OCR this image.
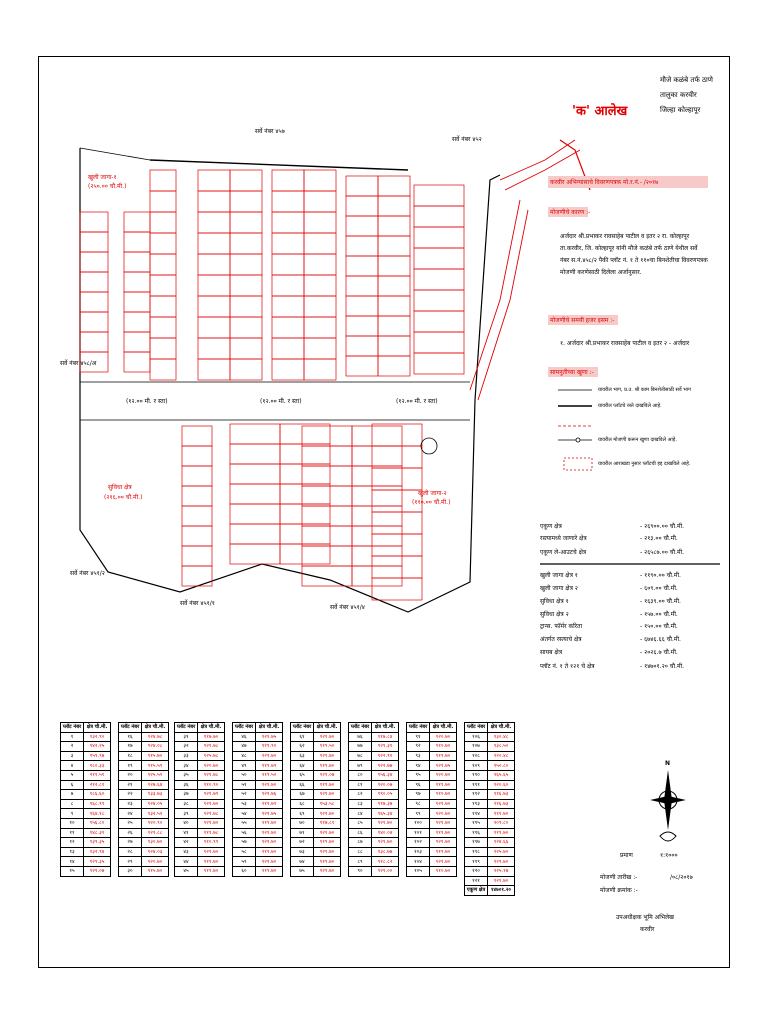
'क' आलेख
मौजे कळंबे तर्फ ठाणे
तालुका करवीर
जिल्हा कोल्हापूर
करवीर अभिन्यासाचे विवरणपत्रक मो.र.नं.- /२०१७
मोजणीचे कारण :-
अर्जदार श्री.प्रभाकर रावसाहेब पाटील व इतर २ रा. कोल्हापूर
ता.करवीर, जि. कोल्हापूर यांनी मौजे कळंबे तर्फ ठाणे येथील सर्वे
नंबर स.नं.४५८/२ पैकी प्लॉट नं. १ ते ११०चा बिनशेतीचा विवरणपत्रक
मोजणी करणेसाठी दिलेला अर्जानुसार.
मोजणीचे समयी हजर इसम :-
१. अर्जदार श्री.प्रभाकर रावसाहेब पाटील व इतर २ - अर्जदार
सामनुतीच्या खुणा :-
यावरील भाग, प्र.उ. श्री काम बिनशेतीसाठी सर्वे भाग
यावरील प्लॉटचे रस्ते दाखविले आहे.
यावरील मोजणी करून खुणा दाखविले आहे.
यावरील आराखडा नुसार प्लॉटची हद्द दाखविले आहे.
सर्वे नंबर ४५७
सर्वे नंबर ४५२
सर्वे नंबर ४५८/अ
सर्वे नंबर ४५१/२
सर्वे नंबर ४५१/१
सर्वे नंबर ४५१/४
(१२.०० मी. र स्ता)	(१२.०० मी. र स्ता)	(१२.०० मी. र स्ता)
खुली जागा-१
(२५०.०० चौ.मी.)
खुली जागा-२
(११०.०० चौ.मी.)
सुविधा क्षेत्र
(२१६.०० चौ.मी.)
एकूण क्षेत्र	- २६९००.०० चौ.मी.
रस्त्यामध्ये जाणारे क्षेत्र	- २१३.०० चौ.मी.
एकूण ले-आउटचे क्षेत्र	- २६५८७.०० चौ.मी.
खुली जागा क्षेत्र १	- ११९०.०० चौ.मी.
खुली जागा क्षेत्र २	- ६०९.०० चौ.मी.
सुविधा क्षेत्र १	- १६३९.०० चौ.मी.
सुविधा क्षेत्र २	- १५७.०० चौ.मी.
ट्रान्स. फॉर्मर करिता	- १५०.०० चौ.मी.
अंतर्गत रस्त्याचे क्षेत्र	- ६७४६.६६ चौ.मी.
सायब क्षेत्र	- २०२६.७ चौ.मी.
प्लॉट नं. १ ते १२१ चे क्षेत्र	- १४७०१.२० चौ.मी.
प्लॉट नंबर	क्षेत्र चौ.मी.
१	१३२.९०
२	१४२.२५
३	१५९.९७
४	१८०.३३
५	२११.५१
६	२१२.८१
७	१८६.६०
८	१६८.९९
९	१६४.१८
१०	१५६.८०
११	१४८.३१
१२	१३९.३५
१३	१३२.९४
१४	१२९.३५
१५	१२१.०७
प्लॉट नंबर	क्षेत्र चौ.मी.
१६	१२४.७८
१७	१२४.०८
१८	११५.७०
१९	११५.५९
२०	१२५.५१
२१	१२७.६४
२२	१३३.७३
२३	१२४.०५
२४	१३२.५२
२५	१२०.९०
२६	१२१.८८
२७	१३०.७०
२८	१२४.०३
२९	१२०.७०
३०	११५.७०
प्लॉट नंबर	क्षेत्र चौ.मी.
३१	११७.७०
३२	१२१.७८
३३	१२५.७८
३४	१२०.७०
३५	१२१.७८
३६	११०.९०
३७	१२१.७१
३८	१२१.७०
३९	१२१.७८
४०	१२१.७०
४१	११९.७८
४२	११०.९१
४३	१२१.७०
४४	१११.७०
४५	११९.७०
प्लॉट नंबर	क्षेत्र चौ.मी.
४६	१२१.७५
४७	११९.९०
४८	१२१.७०
४९	११९.७९
५०	११९.५०
५१	१२१.७०
५२	१२१.७६
५३	११९.७९
५४	१२१.७५
५५	११९.७०
५६	१२१.७०
५७	१२१.७०
५८	११९.७०
५९	१२१.७०
६०	११९.७०
प्लॉट नंबर	क्षेत्र चौ.मी.
६१	१२१.७०
६२	११९.५०
६३	१२१.७०
६४	११९.७०
६५	१२१.०७
६६	११९.७०
६७	१२१.७०
६८	१५३.५८
६९	१२१.७०
७०	११७.८१
७१	१२१.७०
७२	११९.७०
७३	१२१.७०
७४	११९.७०
७५	१२१.७०
प्लॉट नंबर	क्षेत्र चौ.मी.
७६	११७.८४
७७	१२१.३१
७८	१२२.९१
७९	१२२.७७
८०	१५६.३४
८१	१२०.०७
८२	१९०.०५
८३	११७.३७
८४	१६५.३४
८५	१२१.७०
८६	१४०.०४
८७	१२१.७०
८८	१३८.७७
८९	११८.८२
९०	१२१.००
प्लॉट नंबर	क्षेत्र चौ.मी.
९१	१२०.७०
९२	११०.७०
९३	११९.७०
९४	१२१.७५
९५	१२०.७०
९६	११९.७०
९७	११०.७०
९८	१२१.७०
९९	१२०.७०
१००	१२१.७०
१०१	११९.७०
१०२	१२१.७०
१०३	११९.७०
१०४	१२१.७०
१०५	११०.७०
प्लॉट नंबर	क्षेत्र चौ.मी.
१०६	१३०.४८
१०७	१३८.५०
१०८	१२०.४८
१०९	१५०.८०
११०	१६५.६५
१११	१२०.६०
११२	११६.७३
११३	११६.७३
११४	१११.७०
११५	१०९.८०
११६	११९.७०
११७	१२४.६६
११८	१२५.७०
११९	१२९.७०
१२०	१२५.१७
१२१	१२१.७०
एकूण क्षेत्र	१४७०१.२०
प्रमाण	१:१०००
N
मोजणी तारीख :-	/०८/२०१७
मोजणी क्रमांक :-
उपअधीक्षक भूमि अभिलेख
करवीर
